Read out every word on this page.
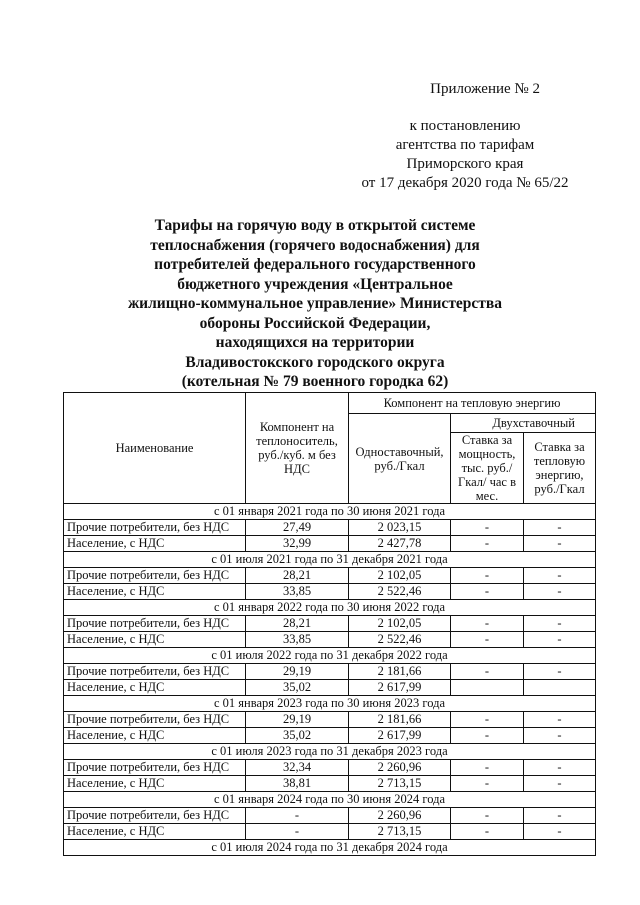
Приложение № 2
к постановлению
агентства по тарифам
Приморского края
от 17 декабря 2020 года № 65/22
Тарифы на горячую воду в открытой системе
теплоснабжения (горячего водоснабжения) для
потребителей федерального государственного
бюджетного учреждения «Центральное
жилищно-коммунальное управление» Министерства
обороны Российской Федерации,
находящихся на территории
Владивостокского городского округа
(котельная № 79 военного городка 62)
Наименование	Компонент на теплоноситель, руб./куб. м без НДС	Компонент на тепловую энергию		
		Одноставочный, руб./Гкал	Двухставочный	
			Ставка за мощность, тыс. руб./Гкал/ час в мес.	Ставка за тепловую энергию, руб./Гкал
с 01 января 2021 года по 30 июня 2021 года				
Прочие потребители, без НДС	27,49	2 023,15	-	-
Население, с НДС	32,99	2 427,78	-	-
с 01 июля 2021 года по 31 декабря 2021 года				
Прочие потребители, без НДС	28,21	2 102,05	-	-
Население, с НДС	33,85	2 522,46	-	-
с 01 января 2022 года по 30 июня 2022 года				
Прочие потребители, без НДС	28,21	2 102,05	-	-
Население, с НДС	33,85	2 522,46	-	-
с 01 июля 2022 года по 31 декабря 2022 года				
Прочие потребители, без НДС	29,19	2 181,66	-	-
Население, с НДС	35,02	2 617,99		
с 01 января 2023 года по 30 июня 2023 года				
Прочие потребители, без НДС	29,19	2 181,66	-	-
Население, с НДС	35,02	2 617,99	-	-
с 01 июля 2023 года по 31 декабря 2023 года				
Прочие потребители, без НДС	32,34	2 260,96	-	-
Население, с НДС	38,81	2 713,15	-	-
с 01 января 2024 года по 30 июня 2024 года				
Прочие потребители, без НДС	-	2 260,96	-	-
Население, с НДС	-	2 713,15	-	-
с 01 июля 2024 года по 31 декабря 2024 года				
